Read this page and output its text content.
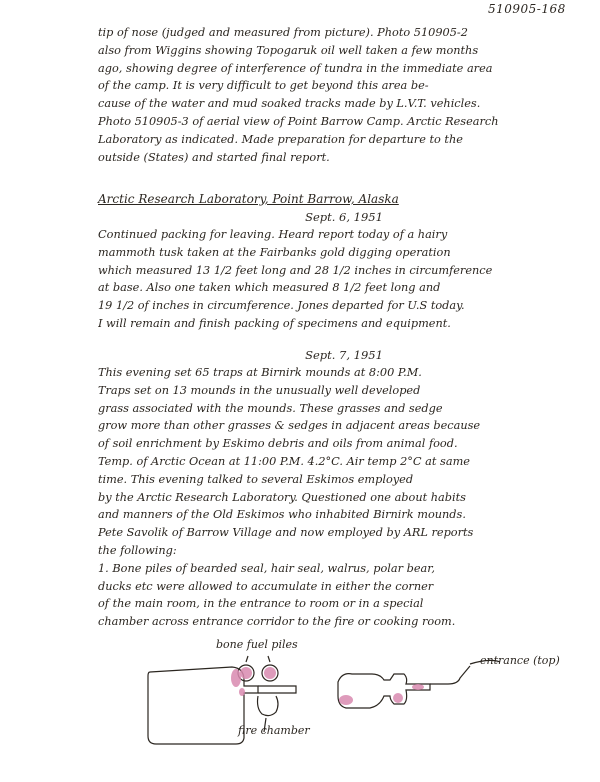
510905-168
tip of nose (judged and measured from picture). Photo 510905-2
also from Wiggins showing Topogaruk oil well taken a few months
ago, showing degree of interference of tundra in the immediate area
of the camp. It is very difficult to get beyond this area be-
cause of the water and mud soaked tracks made by L.V.T. vehicles.
Photo 510905-3 of aerial view of Point Barrow Camp. Arctic Research
Laboratory as indicated. Made preparation for departure to the
outside (States) and started final report.
Arctic Research Laboratory, Point Barrow, Alaska
Sept. 6, 1951
Continued packing for leaving. Heard report today of a hairy
mammoth tusk taken at the Fairbanks gold digging operation
which measured 13 1/2 feet long and 28 1/2 inches in circumference
at base. Also one taken which measured 8 1/2 feet long and
19 1/2 of inches in circumference. Jones departed for U.S today.
I will remain and finish packing of specimens and equipment.
Sept. 7, 1951
This evening set 65 traps at Birnirk mounds at 8:00 P.M.
Traps set on 13 mounds in the unusually well developed
grass associated with the mounds. These grasses and sedge
grow more than other grasses & sedges in adjacent areas because
of soil enrichment by Eskimo debris and oils from animal food.
Temp. of Arctic Ocean at 11:00 P.M. 4.2°C. Air temp 2°C at same
time. This evening talked to several Eskimos employed
by the Arctic Research Laboratory. Questioned one about habits
and manners of the Old Eskimos who inhabited Birnirk mounds.
Pete Savolik of Barrow Village and now employed by ARL reports
the following:
1. Bone piles of bearded seal, hair seal, walrus, polar bear,
ducks etc were allowed to accumulate in either the corner
of the main room, in the entrance to room or in a special
chamber across entrance corridor to the fire or cooking room.
bone fuel piles
fire chamber
entrance (top)
